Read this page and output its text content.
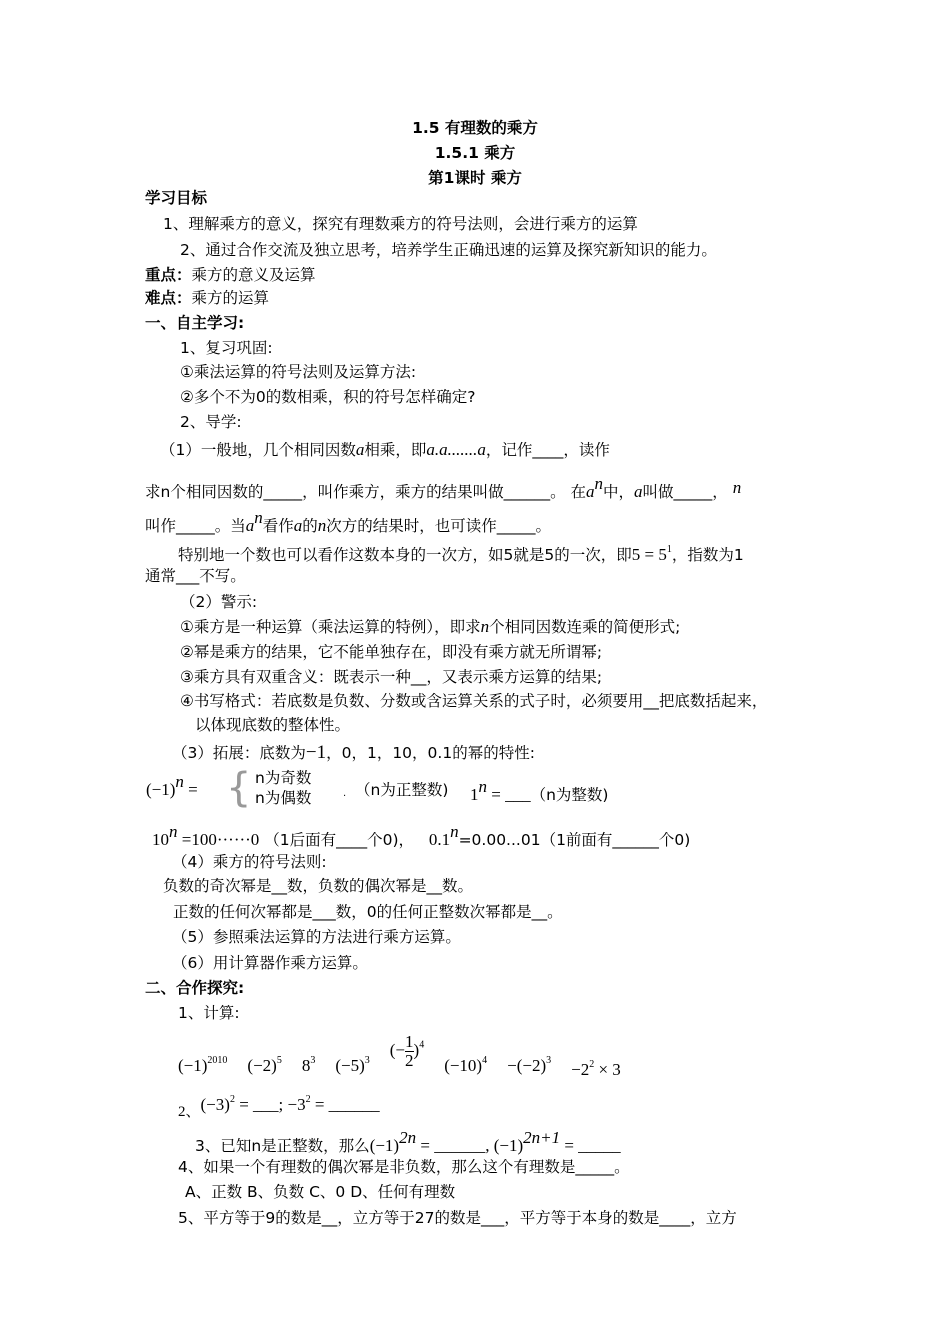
1.5 有理数的乘方
1.5.1 乘方
第1课时 乘方
学习目标
1、理解乘方的意义，探究有理数乘方的符号法则，会进行乘方的运算
2、通过合作交流及独立思考，培养学生正确迅速的运算及探究新知识的能力。
重点：乘方的意义及运算
难点：乘方的运算
一、自主学习:
1、复习巩固:
①乘法运算的符号法则及运算方法:
②多个不为0的数相乘，积的符号怎样确定?
2、导学:
（1）一般地，几个相同因数a相乘，即a.a.......a，记作____，读作
求n个相同因数的_____，叫作乘方，乘方的结果叫做______。 在$a^n$中，a叫做_____， n
叫作_____。当$a^n$看作a的n次方的结果时，也可读作_____。
特别地一个数也可以看作这数本身的一次方，如5就是5的一次，即$5 = 5^1$，指数为1
通常___不写。
（2）警示:
①乘方是一种运算（乘法运算的特例），即求n个相同因数连乘的简便形式;
②幂是乘方的结果，它不能单独存在，即没有乘方就无所谓幂;
③乘方具有双重含义：既表示一种__，又表示乘方运算的结果;
④书写格式：若底数是负数、分数或含运算关系的式子时，必须要用__把底数括起来，
以体现底数的整体性。
（3）拓展：底数为−1，0，1，10，0.1的幂的特性:
$(-1)^n$ = { n为奇数
n为偶数	. （n为正整数) $1^n$ = ___（n为整数)
$10^n =100\cdot\cdot\cdot\cdot\cdot\cdot 0$ （1后面有____个0)， $0.1^n=0.00...01(1$前面有______个0)
（4）乘方的符号法则:
负数的奇次幂是__数，负数的偶次幂是__数。
正数的任何次幂都是___数，0的任何正整数次幂都是__。
（5）参照乘法运算的方法进行乘方运算。
（6）用计算器作乘方运算。
二、合作探究:
1、计算:
$(-1)^{2010}$ $(-2)^5$ $8^3$ $(-5)^3$
(− $\frac{1}{2} )^4$
$(-10)^4 -(-2)^3 -2^2 \times 3$
2、$(-3)^2$ = ___; $-3^2$ = ______
3、已知n是正整数，那么$(-1)^{2n}$ = ______, $(-1)^{2n+1}$ = _____
4、如果一个有理数的偶次幂是非负数，那么这个有理数是_____。
A、正数 B、负数 C、0 D、任何有理数
5、平方等于9的数是__，立方等于27的数是___，平方等于本身的数是____，立方
